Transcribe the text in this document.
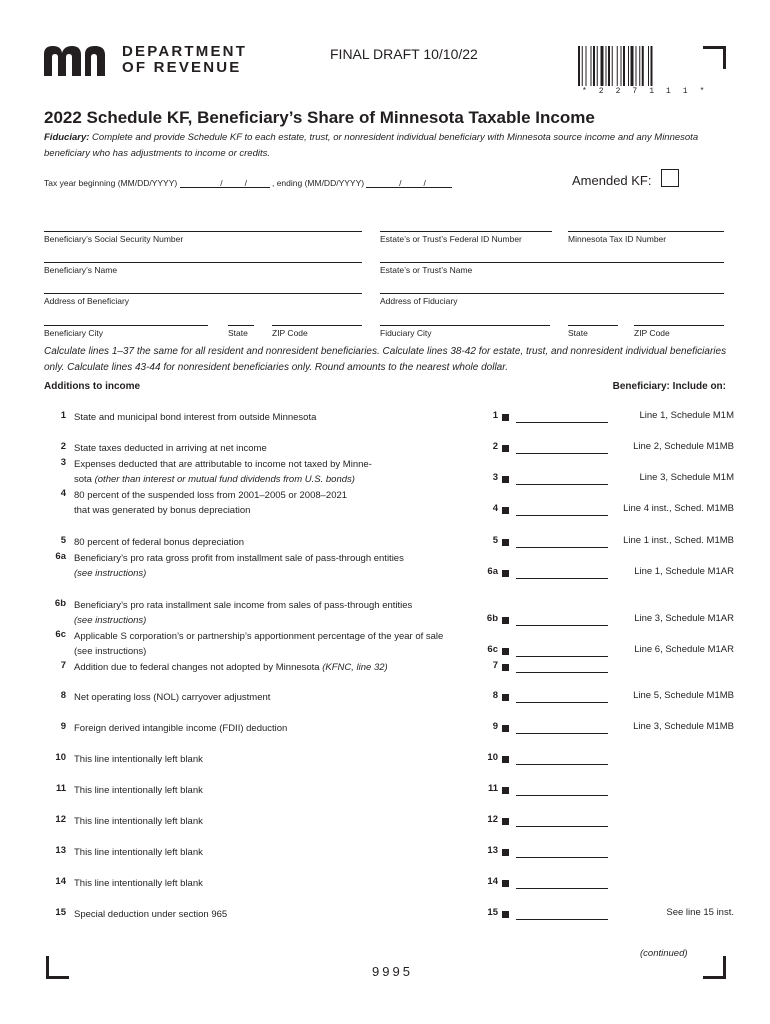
DEPARTMENT
OF REVENUE
FINAL DRAFT 10/10/22
* 2 2 7 1 1 1 *
2022 Schedule KF, Beneficiary’s Share of Minnesota Taxable Income
Fiduciary: Complete and provide Schedule KF to each estate, trust, or nonresident individual beneficiary with Minnesota source income and any Minnesota beneficiary who has adjustments to income or credits.
Tax year beginning (MM/DD/YYYY)	/	/	, ending (MM/DD/YYYY)	/	/	Amended KF:
Beneficiary’s Social Security Number	Estate’s or Trust’s Federal ID Number	Minnesota Tax ID Number
Beneficiary’s Name	Estate’s or Trust’s Name
Address of Beneficiary	Address of Fiduciary
Beneficiary City	State	ZIP Code	Fiduciary City	State	ZIP Code
Calculate lines 1–37 the same for all resident and nonresident beneficiaries. Calculate lines 38-42 for estate, trust, and nonresident individual beneficiaries only. Calculate lines 43-44 for nonresident beneficiaries only. Round amounts to the nearest whole dollar.
Additions to income	Beneficiary: Include on:
1 State and municipal bond interest from outside Minnesota	1	Line 1, Schedule M1M
2 State taxes deducted in arriving at net income	2	Line 2, Schedule M1MB
3 Expenses deducted that are attributable to income not taxed by Minne-
sota (other than interest or mutual fund dividends from U.S. bonds)	3	Line 3, Schedule M1M
4 80 percent of the suspended loss from 2001–2005 or 2008–2021
that was generated by bonus depreciation	4	Line 4 inst., Sched. M1MB
5 80 percent of federal bonus depreciation	5	Line 1 inst., Sched. M1MB
6a Beneficiary’s pro rata gross profit from installment sale of pass-through entities
(see instructions)	6a	Line 1, Schedule M1AR
6b Beneficiary’s pro rata installment sale income from sales of pass-through entities
(see instructions)	6b	Line 3, Schedule M1AR
6c Applicable S corporation’s or partnership’s apportionment percentage of the year of sale
(see instructions)	6c	Line 6, Schedule M1AR
7 Addition due to federal changes not adopted by Minnesota (KFNC, line 32)	7
8 Net operating loss (NOL) carryover adjustment	8	Line 5, Schedule M1MB
9 Foreign derived intangible income (FDII) deduction	9	Line 3, Schedule M1MB
10 This line intentionally left blank	10
11 This line intentionally left blank	11
12 This line intentionally left blank	12
13 This line intentionally left blank	13
14 This line intentionally left blank	14
15 Special deduction under section 965	15	See line 15 inst.
(continued)
9995
